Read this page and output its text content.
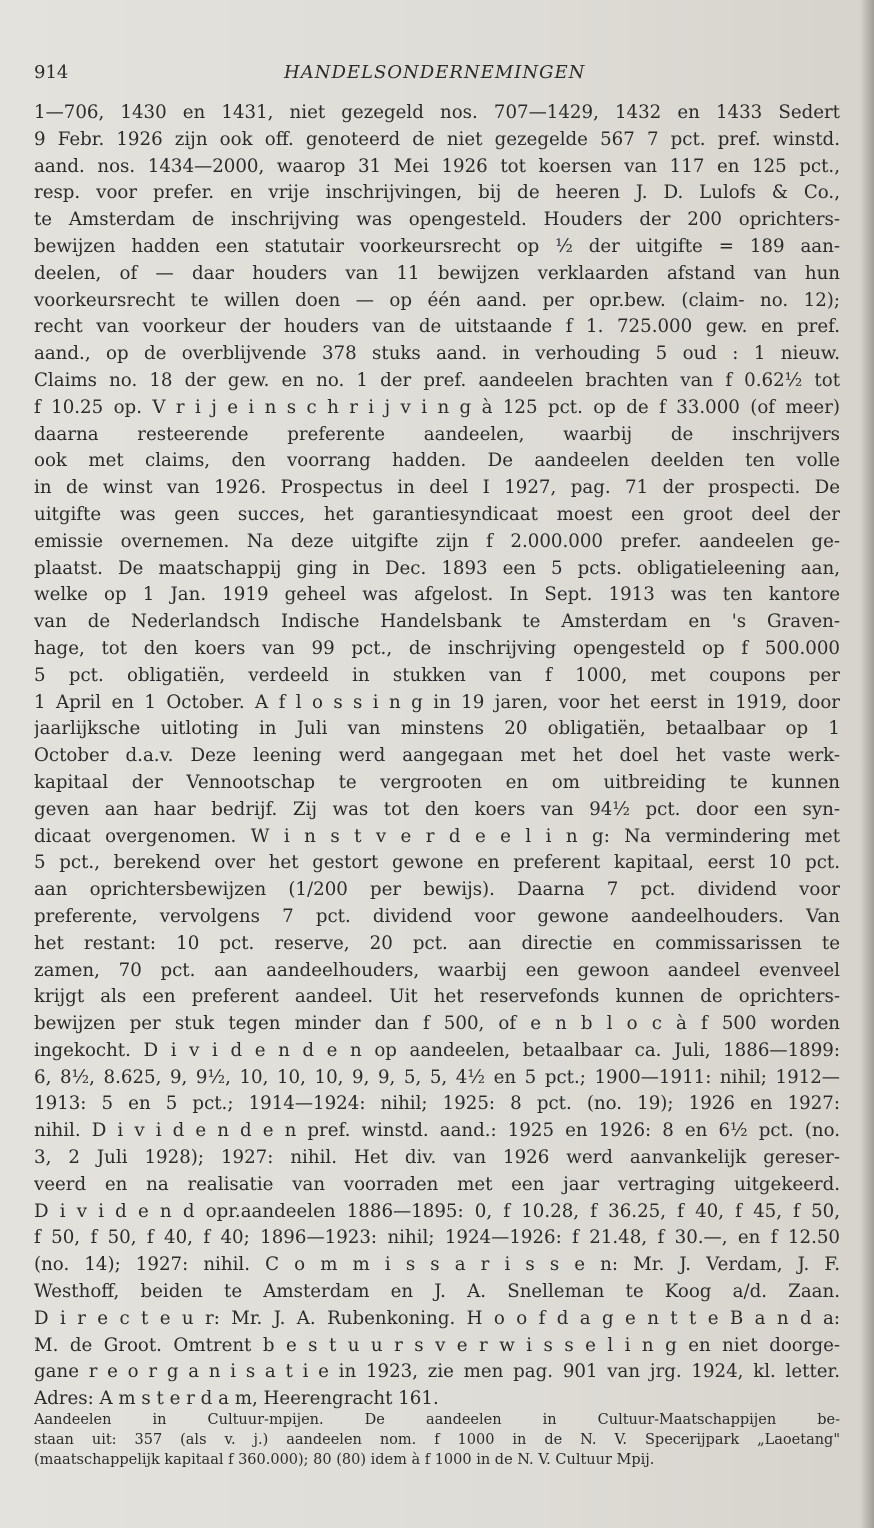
914	HANDELSONDERNEMINGEN
1—706, 1430 en 1431, niet gezegeld nos. 707—1429, 1432 en 1433 Sedert
9 Febr. 1926 zijn ook off. genoteerd de niet gezegelde 567 7 pct. pref. winstd.
aand. nos. 1434—2000, waarop 31 Mei 1926 tot koersen van 117 en 125 pct.,
resp. voor prefer. en vrije inschrijvingen, bij de heeren J. D. Lulofs & Co.,
te Amsterdam de inschrijving was opengesteld. Houders der 200 oprichters-
bewijzen hadden een statutair voorkeursrecht op ½ der uitgifte = 189 aan-
deelen, of — daar houders van 11 bewijzen verklaarden afstand van hun
voorkeursrecht te willen doen — op één aand. per opr.bew. (claim- no. 12);
recht van voorkeur der houders van de uitstaande f 1. 725.000 gew. en pref.
aand., op de overblijvende 378 stuks aand. in verhouding 5 oud : 1 nieuw.
Claims no. 18 der gew. en no. 1 der pref. aandeelen brachten van f 0.62½ tot
f 10.25 op. V r i j e i n s c h r i j v i n g à 125 pct. op de f 33.000 (of meer)
daarna resteerende preferente aandeelen, waarbij de inschrijvers
ook met claims, den voorrang hadden. De aandeelen deelden ten volle
in de winst van 1926. Prospectus in deel I 1927, pag. 71 der prospecti. De
uitgifte was geen succes, het garantiesyndicaat moest een groot deel der
emissie overnemen. Na deze uitgifte zijn f 2.000.000 prefer. aandeelen ge-
plaatst. De maatschappij ging in Dec. 1893 een 5 pcts. obligatieleening aan,
welke op 1 Jan. 1919 geheel was afgelost. In Sept. 1913 was ten kantore
van de Nederlandsch Indische Handelsbank te Amsterdam en 's Graven-
hage, tot den koers van 99 pct., de inschrijving opengesteld op f 500.000
5 pct. obligatiën, verdeeld in stukken van f 1000, met coupons per
1 April en 1 October. A f l o s s i n g in 19 jaren, voor het eerst in 1919, door
jaarlijksche uitloting in Juli van minstens 20 obligatiën, betaalbaar op 1
October d.a.v. Deze leening werd aangegaan met het doel het vaste werk-
kapitaal der Vennootschap te vergrooten en om uitbreiding te kunnen
geven aan haar bedrijf. Zij was tot den koers van 94½ pct. door een syn-
dicaat overgenomen. W i n s t v e r d e e l i n g: Na vermindering met
5 pct., berekend over het gestort gewone en preferent kapitaal, eerst 10 pct.
aan oprichtersbewijzen (1/200 per bewijs). Daarna 7 pct. dividend voor
preferente, vervolgens 7 pct. dividend voor gewone aandeelhouders. Van
het restant: 10 pct. reserve, 20 pct. aan directie en commissarissen te
zamen, 70 pct. aan aandeelhouders, waarbij een gewoon aandeel evenveel
krijgt als een preferent aandeel. Uit het reservefonds kunnen de oprichters-
bewijzen per stuk tegen minder dan f 500, of e n b l o c à f 500 worden
ingekocht. D i v i d e n d e n op aandeelen, betaalbaar ca. Juli, 1886—1899:
6, 8½, 8.625, 9, 9½, 10, 10, 10, 9, 9, 5, 5, 4½ en 5 pct.; 1900—1911: nihil; 1912—
1913: 5 en 5 pct.; 1914—1924: nihil; 1925: 8 pct. (no. 19); 1926 en 1927:
nihil. D i v i d e n d e n pref. winstd. aand.: 1925 en 1926: 8 en 6½ pct. (no.
3, 2 Juli 1928); 1927: nihil. Het div. van 1926 werd aanvankelijk gereser-
veerd en na realisatie van voorraden met een jaar vertraging uitgekeerd.
D i v i d e n d opr.aandeelen 1886—1895: 0, f 10.28, f 36.25, f 40, f 45, f 50,
f 50, f 50, f 40, f 40; 1896—1923: nihil; 1924—1926: f 21.48, f 30.—, en f 12.50
(no. 14); 1927: nihil. C o m m i s s a r i s s e n: Mr. J. Verdam, J. F.
Westhoff, beiden te Amsterdam en J. A. Snelleman te Koog a/d. Zaan.
D i r e c t e u r: Mr. J. A. Rubenkoning. H o o f d a g e n t t e B a n d a:
M. de Groot. Omtrent b e s t u u r s v e r w i s s e l i n g en niet doorge-
gane r e o r g a n i s a t i e in 1923, zie men pag. 901 van jrg. 1924, kl. letter.
Adres: A m s t e r d a m, Heerengracht 161.
Aandeelen in Cultuur-mpijen. De aandeelen in Cultuur-Maatschappijen be-
staan uit: 357 (als v. j.) aandeelen nom. f 1000 in de N. V. Specerijpark „Laoetang"
(maatschappelijk kapitaal f 360.000); 80 (80) idem à f 1000 in de N. V. Cultuur Mpij.
